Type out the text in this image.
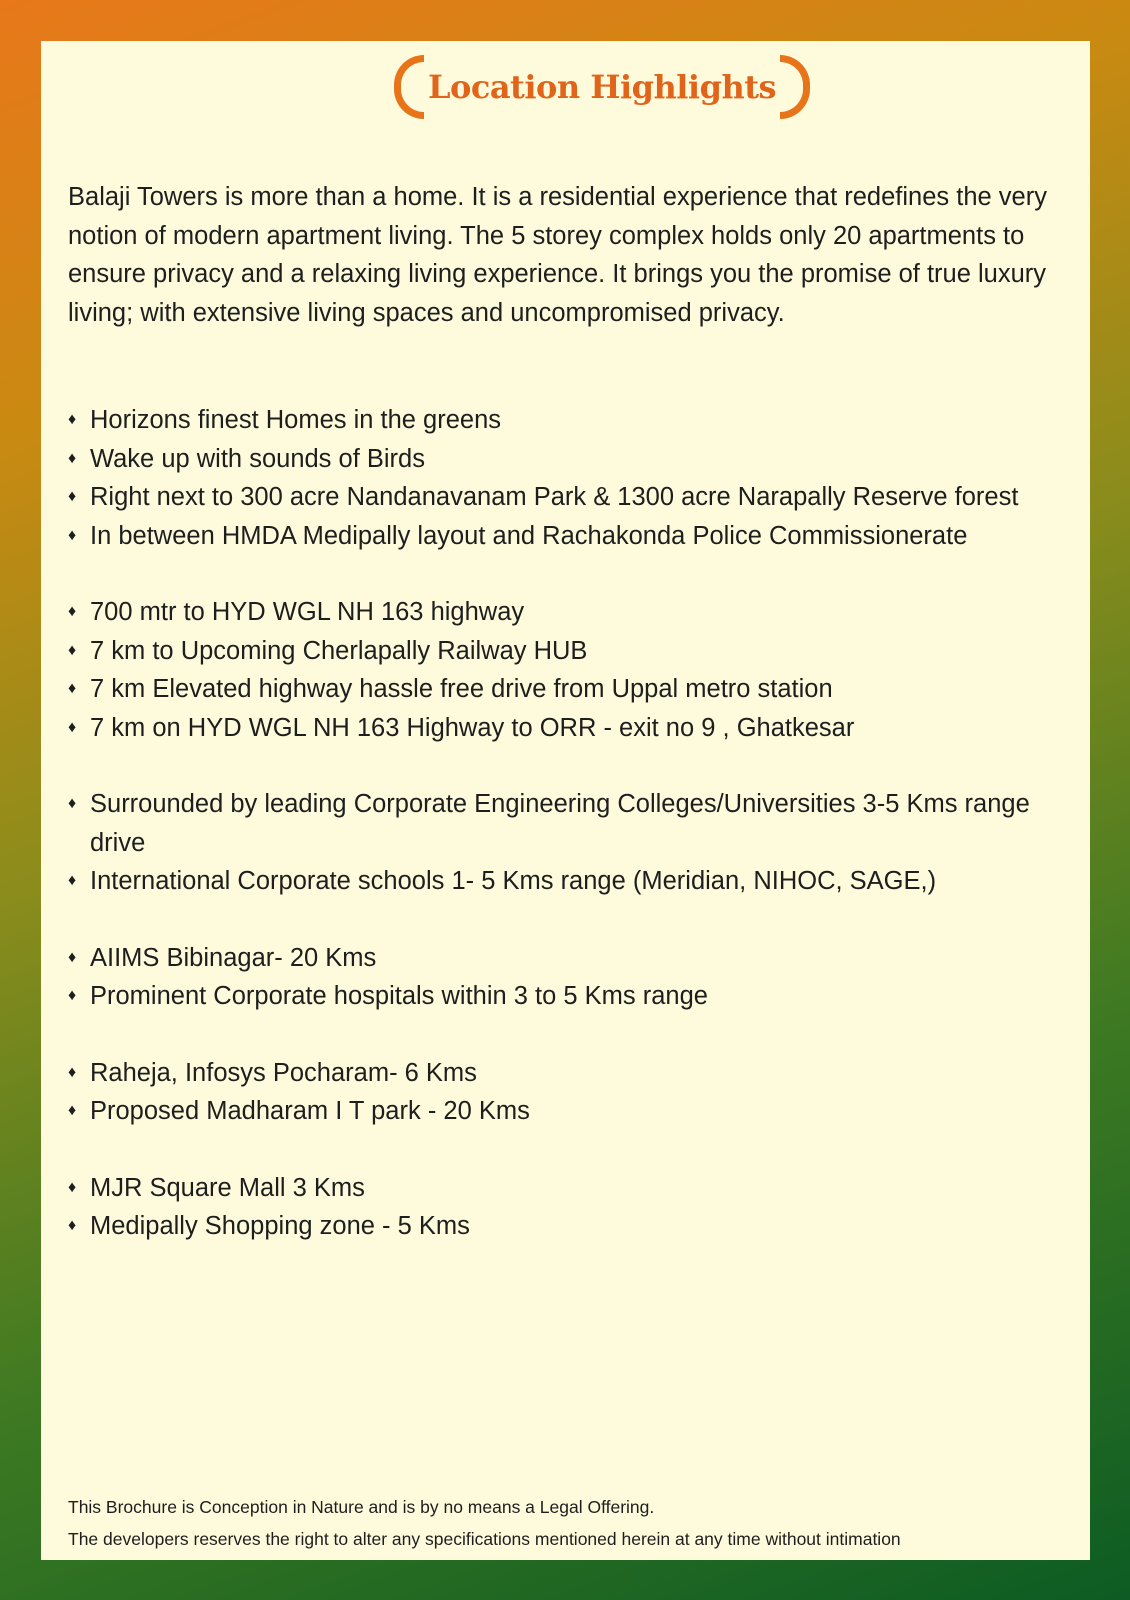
Location Highlights

Balaji Towers is more than a home. It is a residential experience that redefines the very notion of modern apartment living. The 5 storey complex holds only 20 apartments to ensure privacy and a relaxing living experience. It brings you the promise of true luxury living; with extensive living spaces and uncompromised privacy.

♦ Horizons finest Homes in the greens
♦ Wake up with sounds of Birds
♦ Right next to 300 acre Nandanavanam Park & 1300 acre Narapally Reserve forest
♦ In between HMDA Medipally layout and Rachakonda Police Commissionerate
♦ 700 mtr to HYD WGL NH 163 highway
♦ 7 km to Upcoming Cherlapally Railway HUB
♦ 7 km Elevated highway hassle free drive from Uppal metro station
♦ 7 km on HYD WGL NH 163 Highway to ORR - exit no 9 , Ghatkesar
♦ Surrounded by leading Corporate Engineering Colleges/Universities 3-5 Kms range drive
♦ International Corporate schools 1- 5 Kms range (Meridian, NIHOC, SAGE,)
♦ AIIMS Bibinagar- 20 Kms
♦ Prominent Corporate hospitals within 3 to 5 Kms range
♦ Raheja, Infosys Pocharam- 6 Kms
♦ Proposed Madharam I T park - 20 Kms
♦ MJR Square Mall 3 Kms
♦ Medipally Shopping zone - 5 Kms
This Brochure is Conception in Nature and is by no means a Legal Offering.
The developers reserves the right to alter any specifications mentioned herein at any time without intimation
